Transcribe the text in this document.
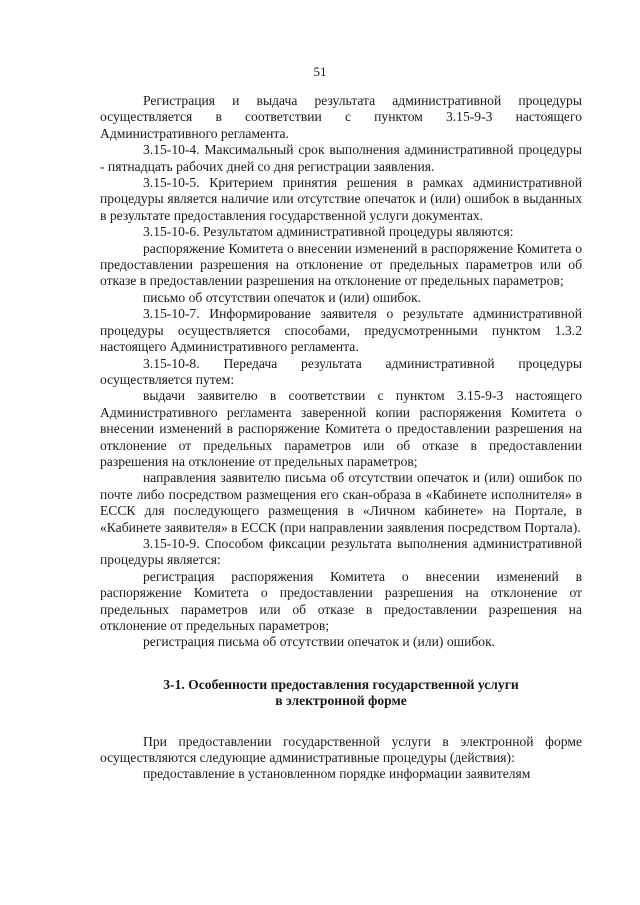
51

Регистрация и выдача результата административной процедуры осуществляется в соответствии с пунктом 3.15-9-3 настоящего Административного регламента.

3.15-10-4. Максимальный срок выполнения административной процедуры - пятнадцать рабочих дней со дня регистрации заявления.

3.15-10-5. Критерием принятия решения в рамках административной процедуры является наличие или отсутствие опечаток и (или) ошибок в выданных в результате предоставления государственной услуги документах.

3.15-10-6. Результатом административной процедуры являются:

распоряжение Комитета о внесении изменений в распоряжение Комитета о предоставлении разрешения на отклонение от предельных параметров или об отказе в предоставлении разрешения на отклонение от предельных параметров;

письмо об отсутствии опечаток и (или) ошибок.

3.15-10-7. Информирование заявителя о результате административной процедуры осуществляется способами, предусмотренными пунктом 1.3.2 настоящего Административного регламента.

3.15-10-8. Передача результата административной процедуры осуществляется путем:

выдачи заявителю в соответствии с пунктом 3.15-9-3 настоящего Административного регламента заверенной копии распоряжения Комитета о внесении изменений в распоряжение Комитета о предоставлении разрешения на отклонение от предельных параметров или об отказе в предоставлении разрешения на отклонение от предельных параметров;

направления заявителю письма об отсутствии опечаток и (или) ошибок по почте либо посредством размещения его скан-образа в «Кабинете исполнителя» в ЕССК для последующего размещения в «Личном кабинете» на Портале, в «Кабинете заявителя» в ЕССК (при направлении заявления посредством Портала).

3.15-10-9. Способом фиксации результата выполнения административной процедуры является:

регистрация распоряжения Комитета о внесении изменений в распоряжение Комитета о предоставлении разрешения на отклонение от предельных параметров или об отказе в предоставлении разрешения на отклонение от предельных параметров;

регистрация письма об отсутствии опечаток и (или) ошибок.

3-1. Особенности предоставления государственной услуги
в электронной форме

При предоставлении государственной услуги в электронной форме осуществляются следующие административные процедуры (действия):

предоставление в установленном порядке информации заявителям
